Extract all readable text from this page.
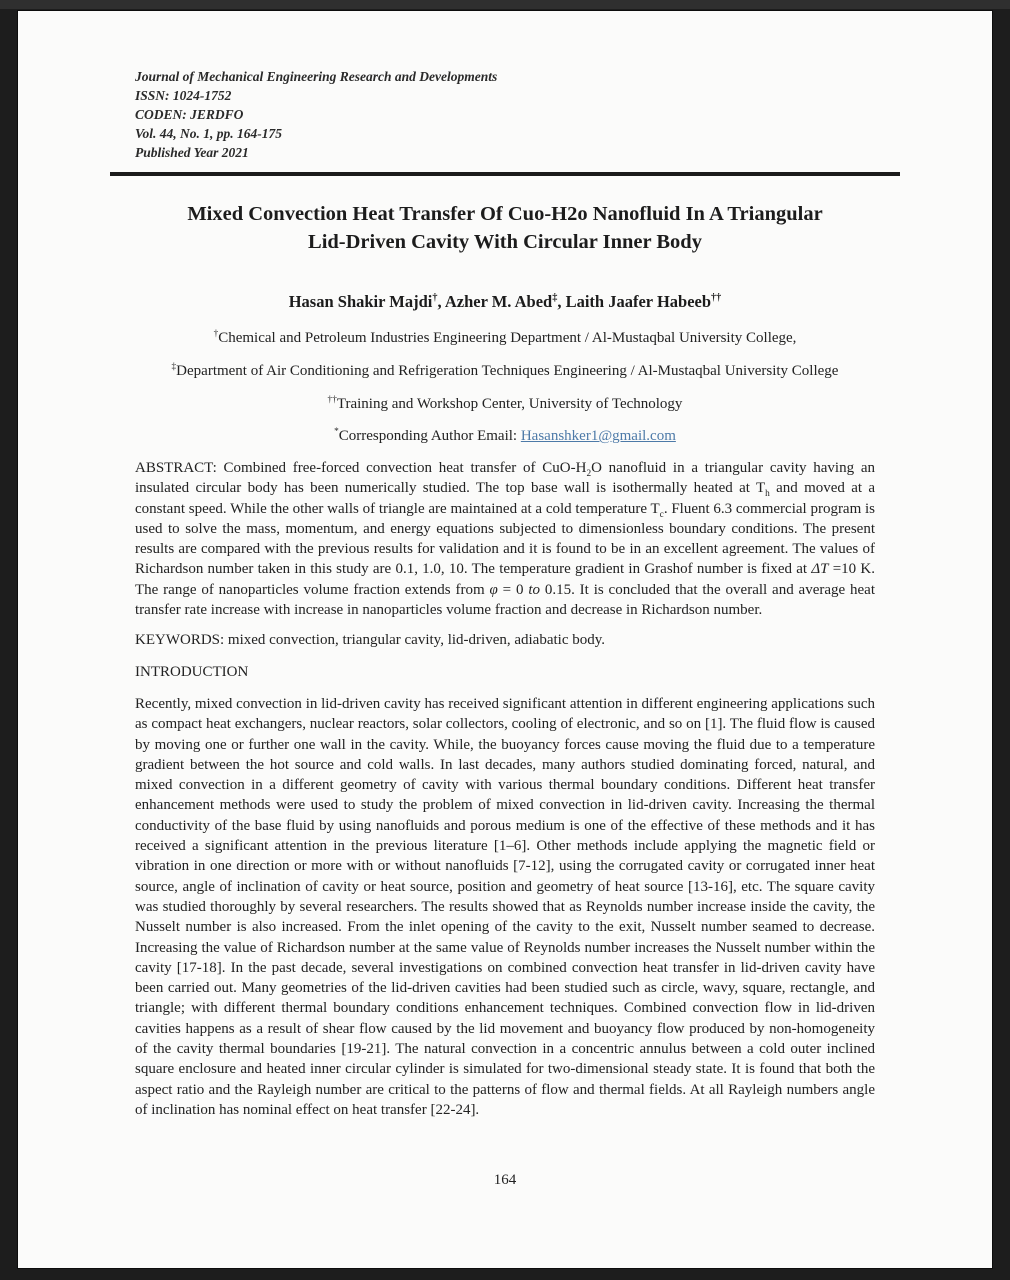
Journal of Mechanical Engineering Research and Developments
ISSN: 1024-1752
CODEN: JERDFO
Vol. 44, No. 1, pp. 164-175
Published Year 2021
Mixed Convection Heat Transfer Of Cuo-H2o Nanofluid In A Triangular
Lid-Driven Cavity With Circular Inner Body
Hasan Shakir Majdi†, Azher M. Abed‡, Laith Jaafer Habeeb††
†Chemical and Petroleum Industries Engineering Department / Al-Mustaqbal University College,
‡Department of Air Conditioning and Refrigeration Techniques Engineering / Al-Mustaqbal University College
††Training and Workshop Center, University of Technology
*Corresponding Author Email: Hasanshker1@gmail.com

ABSTRACT: Combined free-forced convection heat transfer of CuO-$H_2O$ nanofluid in a triangular cavity having an insulated circular body has been numerically studied. The top base wall is isothermally heated at $T_h$ and moved at a constant speed. While the other walls of triangle are maintained at a cold temperature $T_c$. Fluent 6.3 commercial program is used to solve the mass, momentum, and energy equations subjected to dimensionless boundary conditions. The present results are compared with the previous results for validation and it is found to be in an excellent agreement. The values of Richardson number taken in this study are 0.1, 1.0, 10. The temperature gradient in Grashof number is fixed at ΔT =10 K. The range of nanoparticles volume fraction extends from φ = 0 to 0.15. It is concluded that the overall and average heat transfer rate increase with increase in nanoparticles volume fraction and decrease in Richardson number.

KEYWORDS: mixed convection, triangular cavity, lid-driven, adiabatic body.

INTRODUCTION

Recently, mixed convection in lid-driven cavity has received significant attention in different engineering applications such as compact heat exchangers, nuclear reactors, solar collectors, cooling of electronic, and so on [1]. The fluid flow is caused by moving one or further one wall in the cavity. While, the buoyancy forces cause moving the fluid due to a temperature gradient between the hot source and cold walls. In last decades, many authors studied dominating forced, natural, and mixed convection in a different geometry of cavity with various thermal boundary conditions. Different heat transfer enhancement methods were used to study the problem of mixed convection in lid-driven cavity. Increasing the thermal conductivity of the base fluid by using nanofluids and porous medium is one of the effective of these methods and it has received a significant attention in the previous literature [1–6]. Other methods include applying the magnetic field or vibration in one direction or more with or without nanofluids [7-12], using the corrugated cavity or corrugated inner heat source, angle of inclination of cavity or heat source, position and geometry of heat source [13-16], etc. The square cavity was studied thoroughly by several researchers. The results showed that as Reynolds number increase inside the cavity, the Nusselt number is also increased. From the inlet opening of the cavity to the exit, Nusselt number seamed to decrease. Increasing the value of Richardson number at the same value of Reynolds number increases the Nusselt number within the cavity [17-18]. In the past decade, several investigations on combined convection heat transfer in lid-driven cavity have been carried out. Many geometries of the lid-driven cavities had been studied such as circle, wavy, square, rectangle, and triangle; with different thermal boundary conditions enhancement techniques. Combined convection flow in lid-driven cavities happens as a result of shear flow caused by the lid movement and buoyancy flow produced by non-homogeneity of the cavity thermal boundaries [19-21]. The natural convection in a concentric annulus between a cold outer inclined square enclosure and heated inner circular cylinder is simulated for two-dimensional steady state. It is found that both the aspect ratio and the Rayleigh number are critical to the patterns of flow and thermal fields. At all Rayleigh numbers angle of inclination has nominal effect on heat transfer [22-24].

164
